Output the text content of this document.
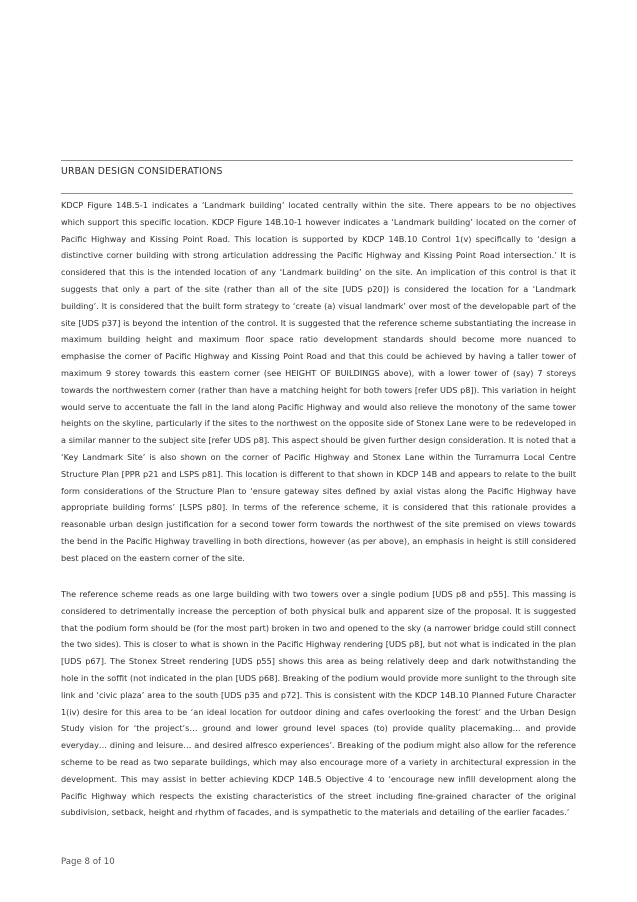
URBAN DESIGN CONSIDERATIONS

KDCP Figure 14B.5-1 indicates a ‘Landmark building’ located centrally within the site. There appears to be no objectives which support this specific location. KDCP Figure 14B.10-1 however indicates a ‘Landmark building’ located on the corner of Pacific Highway and Kissing Point Road. This location is supported by KDCP 14B.10 Control 1(v) specifically to ‘design a distinctive corner building with strong articulation addressing the Pacific Highway and Kissing Point Road intersection.’ It is considered that this is the intended location of any ‘Landmark building’ on the site. An implication of this control is that it suggests that only a part of the site (rather than all of the site [UDS p20]) is considered the location for a ‘Landmark building’. It is considered that the built form strategy to ‘create (a) visual landmark’ over most of the developable part of the site [UDS p37] is beyond the intention of the control. It is suggested that the reference scheme substantiating the increase in maximum building height and maximum floor space ratio development standards should become more nuanced to emphasise the corner of Pacific Highway and Kissing Point Road and that this could be achieved by having a taller tower of maximum 9 storey towards this eastern corner (see HEIGHT OF BUILDINGS above), with a lower tower of (say) 7 storeys towards the northwestern corner (rather than have a matching height for both towers [refer UDS p8]). This variation in height would serve to accentuate the fall in the land along Pacific Highway and would also relieve the monotony of the same tower heights on the skyline, particularly if the sites to the northwest on the opposite side of Stonex Lane were to be redeveloped in a similar manner to the subject site [refer UDS p8]. This aspect should be given further design consideration. It is noted that a ‘Key Landmark Site’ is also shown on the corner of Pacific Highway and Stonex Lane within the Turramurra Local Centre Structure Plan [PPR p21 and LSPS p81]. This location is different to that shown in KDCP 14B and appears to relate to the built form considerations of the Structure Plan to ‘ensure gateway sites defined by axial vistas along the Pacific Highway have appropriate building forms’ [LSPS p80]. In terms of the reference scheme, it is considered that this rationale provides a reasonable urban design justification for a second tower form towards the northwest of the site premised on views towards the bend in the Pacific Highway travelling in both directions, however (as per above), an emphasis in height is still considered best placed on the eastern corner of the site.

The reference scheme reads as one large building with two towers over a single podium [UDS p8 and p55]. This massing is considered to detrimentally increase the perception of both physical bulk and apparent size of the proposal. It is suggested that the podium form should be (for the most part) broken in two and opened to the sky (a narrower bridge could still connect the two sides). This is closer to what is shown in the Pacific Highway rendering [UDS p8], but not what is indicated in the plan [UDS p67]. The Stonex Street rendering [UDS p55] shows this area as being relatively deep and dark notwithstanding the hole in the soffit (not indicated in the plan [UDS p68]. Breaking of the podium would provide more sunlight to the through site link and ‘civic plaza’ area to the south [UDS p35 and p72]. This is consistent with the KDCP 14B.10 Planned Future Character 1(iv) desire for this area to be ‘an ideal location for outdoor dining and cafes overlooking the forest’ and the Urban Design Study vision for ‘the project’s… ground and lower ground level spaces (to) provide quality placemaking… and provide everyday… dining and leisure… and desired alfresco experiences’. Breaking of the podium might also allow for the reference scheme to be read as two separate buildings, which may also encourage more of a variety in architectural expression in the development. This may assist in better achieving KDCP 14B.5 Objective 4 to ‘encourage new infill development along the Pacific Highway which respects the existing characteristics of the street including fine-grained character of the original subdivision, setback, height and rhythm of facades, and is sympathetic to the materials and detailing of the earlier facades.’

Page 8 of 10
